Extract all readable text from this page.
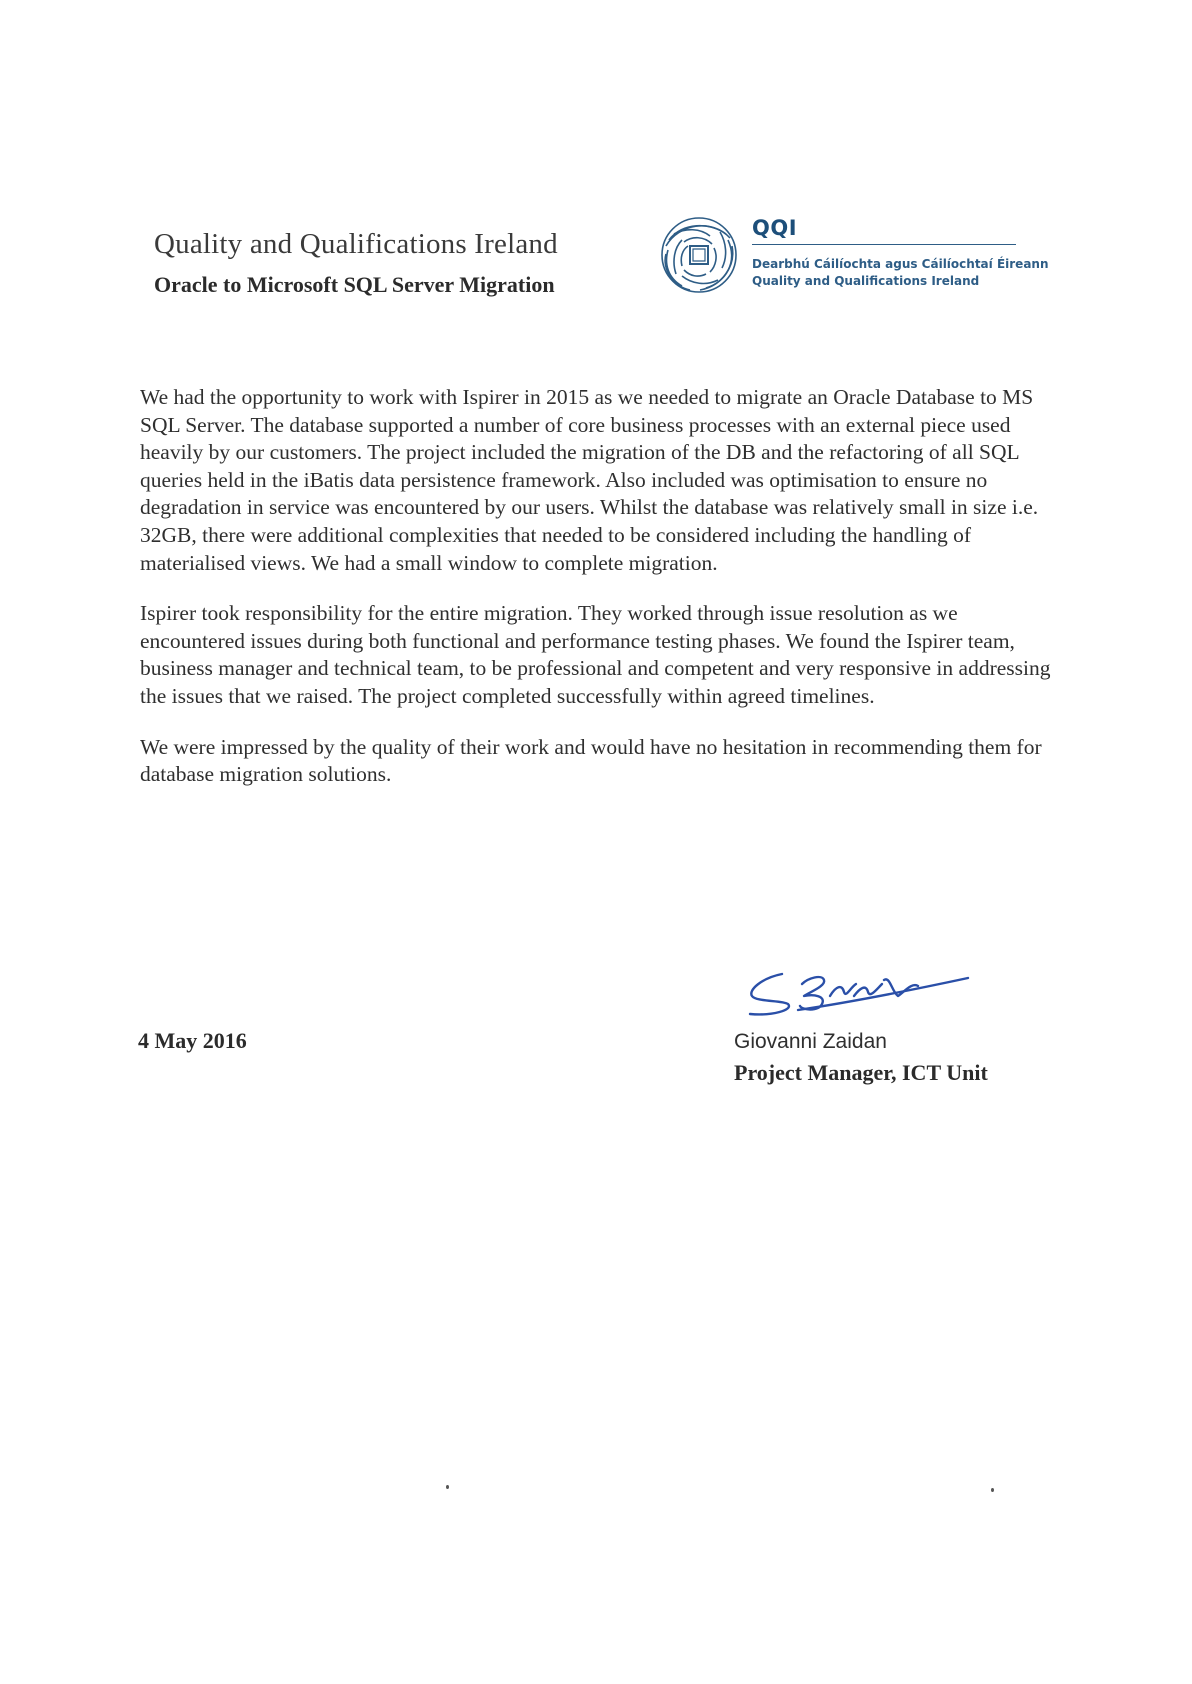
Quality and Qualifications Ireland
Oracle to Microsoft SQL Server Migration
QQI
Dearbhú Cáilíochta agus Cáilíochtaí Éireann
Quality and Qualifications Ireland

We had the opportunity to work with Ispirer in 2015 as we needed to migrate an Oracle Database to MS SQL Server. The database supported a number of core business processes with an external piece used heavily by our customers. The project included the migration of the DB and the refactoring of all SQL queries held in the iBatis data persistence framework. Also included was optimisation to ensure no degradation in service was encountered by our users. Whilst the database was relatively small in size i.e. 32GB, there were additional complexities that needed to be considered including the handling of materialised views. We had a small window to complete migration.

Ispirer took responsibility for the entire migration. They worked through issue resolution as we encountered issues during both functional and performance testing phases. We found the Ispirer team, business manager and technical team, to be professional and competent and very responsive in addressing the issues that we raised. The project completed successfully within agreed timelines.

We were impressed by the quality of their work and would have no hesitation in recommending them for database migration solutions.

4 May 2016	Giovanni Zaidan
Project Manager, ICT Unit
